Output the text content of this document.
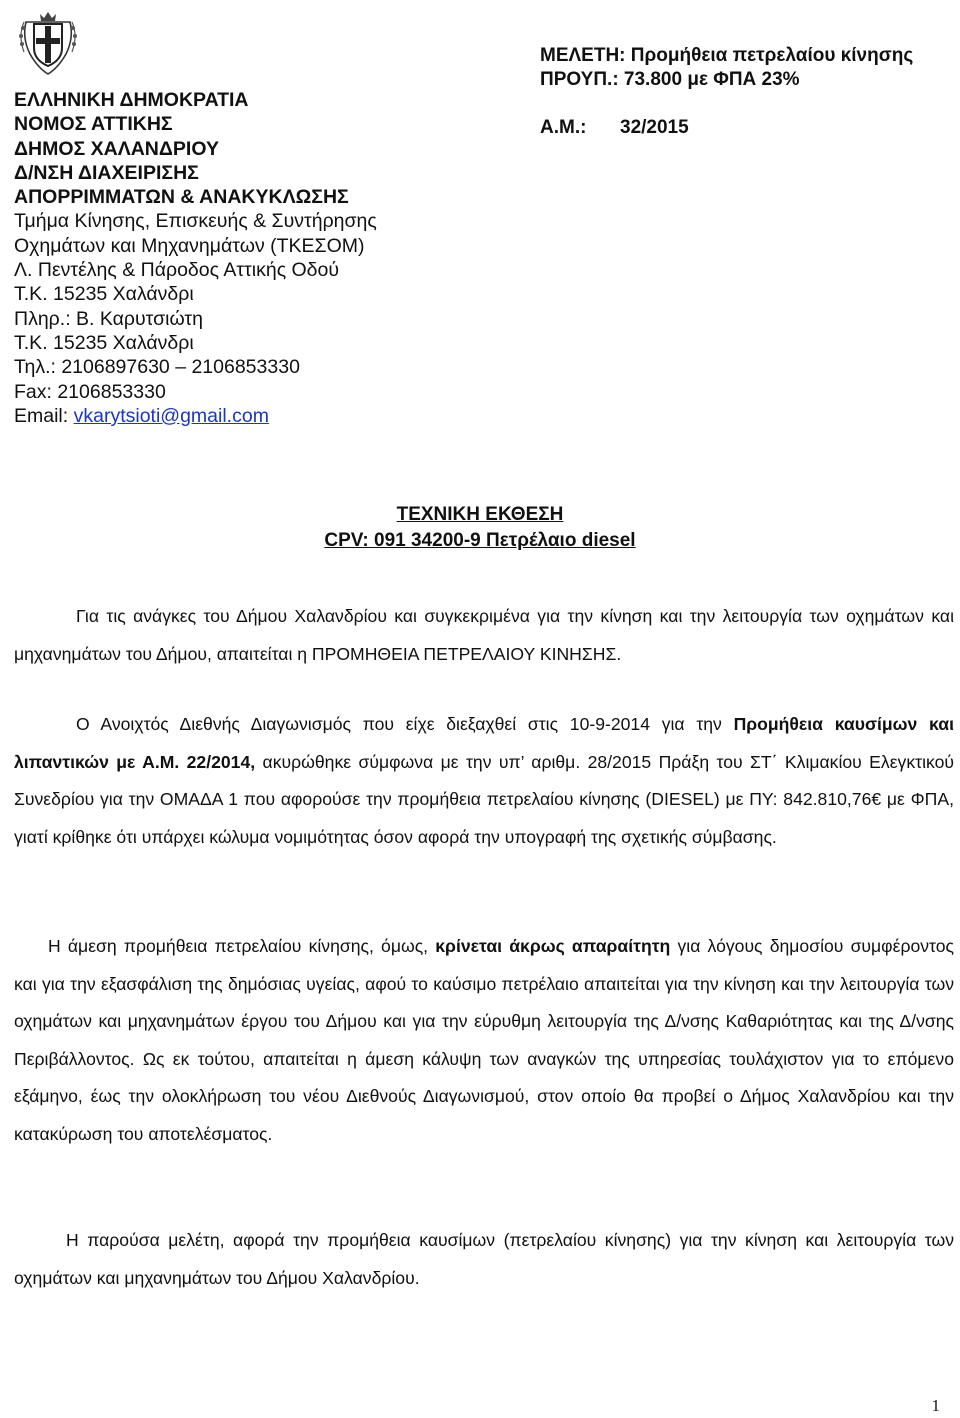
ΕΛΛΗΝΙΚΗ ΔΗΜΟΚΡΑΤΙΑ
ΝΟΜΟΣ ΑΤΤΙΚΗΣ
ΔΗΜΟΣ ΧΑΛΑΝΔΡΙΟΥ
Δ/ΝΣΗ ΔΙΑΧΕΙΡΙΣΗΣ
ΑΠΟΡΡΙΜΜΑΤΩΝ & ΑΝΑΚΥΚΛΩΣΗΣ
Τμήμα Κίνησης, Επισκευής & Συντήρησης
Οχημάτων και Μηχανημάτων (ΤΚΕΣΟΜ)
Λ. Πεντέλης & Πάροδος Αττικής Οδού
Τ.Κ. 15235 Χαλάνδρι
Πληρ.: Β. Καρυτσιώτη
Τ.Κ. 15235 Χαλάνδρι
Τηλ.: 2106897630 – 2106853330
Fax: 2106853330
Email: vkarytsioti@gmail.com
ΜΕΛΕΤΗ: Προμήθεια πετρελαίου κίνησης
ΠΡΟΥΠ.: 73.800 με ΦΠΑ 23%
Α.Μ.: 32/2015
ΤΕΧΝΙΚΗ ΕΚΘΕΣΗ
CPV: 091 34200-9 Πετρέλαιο diesel
Για τις ανάγκες του Δήμου Χαλανδρίου και συγκεκριμένα για την κίνηση και την λειτουργία των οχημάτων και μηχανημάτων του Δήμου, απαιτείται η ΠΡΟΜΗΘΕΙΑ ΠΕΤΡΕΛΑΙΟΥ ΚΙΝΗΣΗΣ.
Ο Ανοιχτός Διεθνής Διαγωνισμός που είχε διεξαχθεί στις 10-9-2014 για την Προμήθεια καυσίμων και λιπαντικών με Α.Μ. 22/2014, ακυρώθηκε σύμφωνα με την υπ’ αριθμ. 28/2015 Πράξη του ΣΤ΄ Κλιμακίου Ελεγκτικού Συνεδρίου για την ΟΜΑΔΑ 1 που αφορούσε την προμήθεια πετρελαίου κίνησης (DIESEL) με ΠΥ: 842.810,76€ με ΦΠΑ, γιατί κρίθηκε ότι υπάρχει κώλυμα νομιμότητας όσον αφορά την υπογραφή της σχετικής σύμβασης.
Η άμεση προμήθεια πετρελαίου κίνησης, όμως, κρίνεται άκρως απαραίτητη για λόγους δημοσίου συμφέροντος και για την εξασφάλιση της δημόσιας υγείας, αφού το καύσιμο πετρέλαιο απαιτείται για την κίνηση και την λειτουργία των οχημάτων και μηχανημάτων έργου του Δήμου και για την εύρυθμη λειτουργία της Δ/νσης Καθαριότητας και της Δ/νσης Περιβάλλοντος. Ως εκ τούτου, απαιτείται η άμεση κάλυψη των αναγκών της υπηρεσίας τουλάχιστον για το επόμενο εξάμηνο, έως την ολοκλήρωση του νέου Διεθνούς Διαγωνισμού, στον οποίο θα προβεί ο Δήμος Χαλανδρίου και την κατακύρωση του αποτελέσματος.
Η παρούσα μελέτη, αφορά την προμήθεια καυσίμων (πετρελαίου κίνησης) για την κίνηση και λειτουργία των οχημάτων και μηχανημάτων του Δήμου Χαλανδρίου.
1
